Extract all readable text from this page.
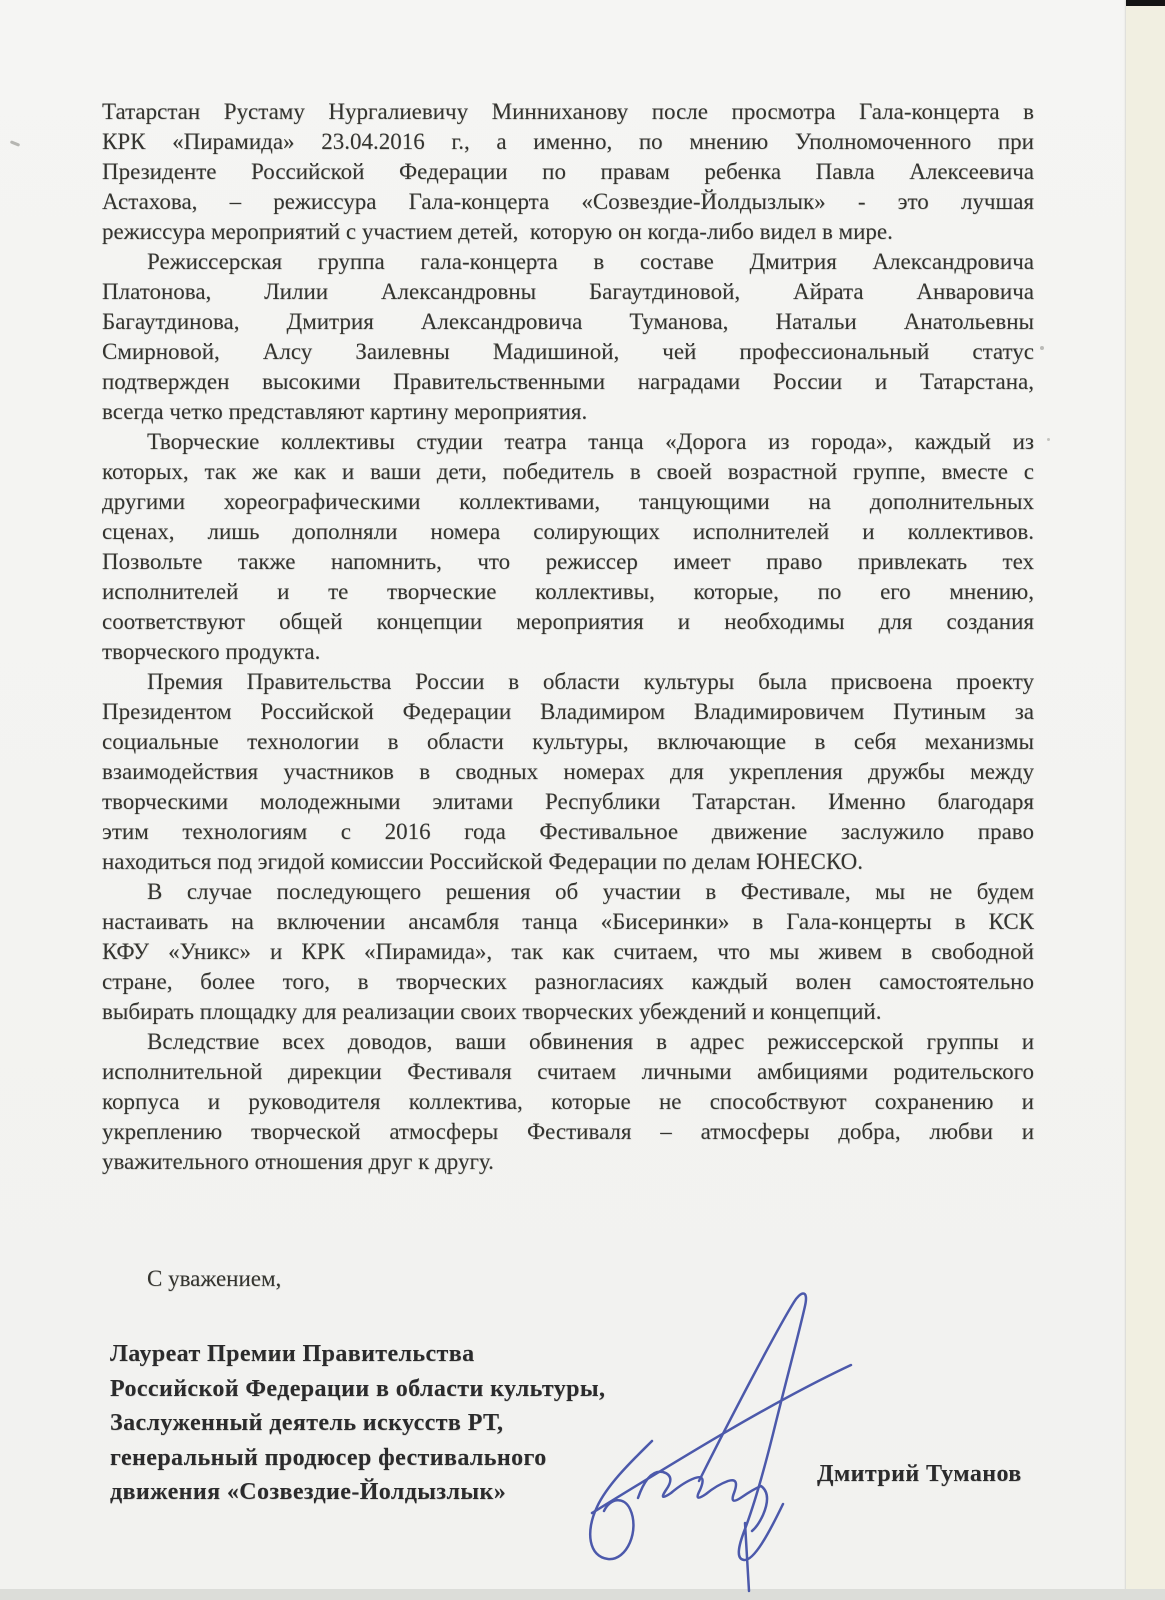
Татарстан Рустаму Нургалиевичу Минниханову после просмотра Гала-концерта в
КРК «Пирамида» 23.04.2016 г., а именно, по мнению Уполномоченного при
Президенте Российской Федерации по правам ребенка Павла Алексеевича
Астахова, – режиссура Гала-концерта «Созвездие-Йолдызлык» - это лучшая
режиссура мероприятий с участием детей,  которую он когда-либо видел в мире.
Режиссерская группа гала-концерта в составе Дмитрия Александровича
Платонова, Лилии Александровны Багаутдиновой, Айрата Анваровича
Багаутдинова, Дмитрия Александровича Туманова, Натальи Анатольевны
Смирновой, Алсу Заилевны Мадишиной, чей профессиональный статус
подтвержден высокими Правительственными наградами России и Татарстана,
всегда четко представляют картину мероприятия.
Творческие коллективы студии театра танца «Дорога из города», каждый из
которых, так же как и ваши дети, победитель в своей возрастной группе, вместе с
другими хореографическими коллективами, танцующими на дополнительных
сценах, лишь дополняли номера солирующих исполнителей и коллективов.
Позвольте также напомнить, что режиссер имеет право привлекать тех
исполнителей и те творческие коллективы, которые, по его мнению,
соответствуют общей концепции мероприятия и необходимы для создания
творческого продукта.
Премия Правительства России в области культуры была присвоена проекту
Президентом Российской Федерации Владимиром Владимировичем Путиным за
социальные технологии в области культуры, включающие в себя механизмы
взаимодействия участников в сводных номерах для укрепления дружбы между
творческими молодежными элитами Республики Татарстан. Именно благодаря
этим технологиям с 2016 года Фестивальное движение заслужило право
находиться под эгидой комиссии Российской Федерации по делам ЮНЕСКО.
В случае последующего решения об участии в Фестивале, мы не будем
настаивать на включении ансамбля танца «Бисеринки» в Гала-концерты в КСК
КФУ «Уникс» и КРК «Пирамида», так как считаем, что мы живем в свободной
стране, более того, в творческих разногласиях каждый волен самостоятельно
выбирать площадку для реализации своих творческих убеждений и концепций.
Вследствие всех доводов, ваши обвинения в адрес режиссерской группы и
исполнительной дирекции Фестиваля считаем личными амбициями родительского
корпуса и руководителя коллектива, которые не способствуют сохранению и
укреплению творческой атмосферы Фестиваля – атмосферы добра, любви и
уважительного отношения друг к другу.
С уважением,
Лауреат Премии Правительства
Российской Федерации в области культуры,
Заслуженный деятель искусств РТ,
генеральный продюсер фестивального
движения «Созвездие-Йолдызлык»
Дмитрий Туманов
